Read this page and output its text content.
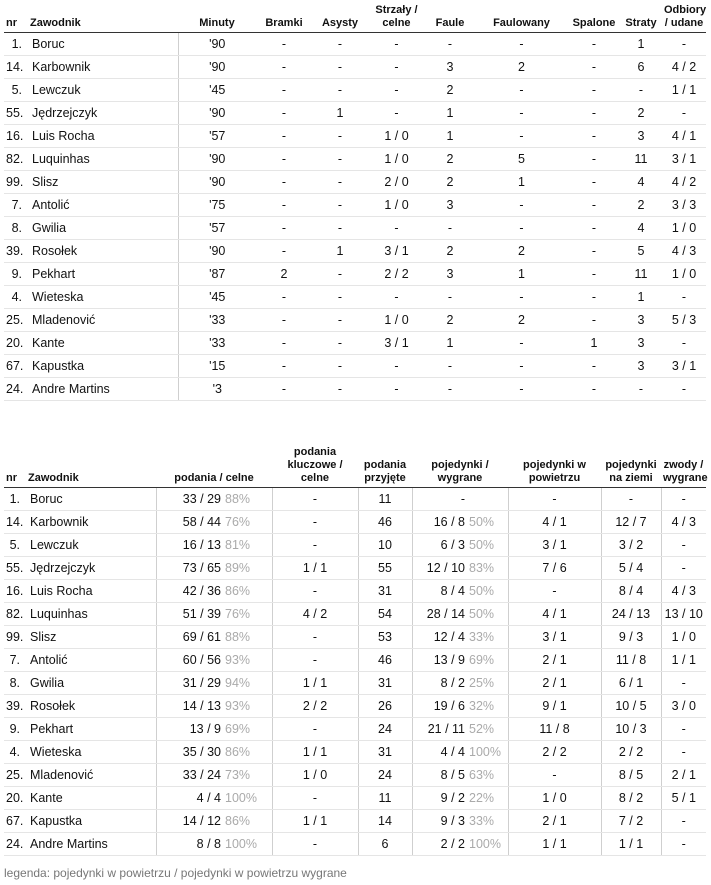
nr	Zawodnik	Minuty	Bramki	Asysty	Strzały / celne	Faule	Faulowany	Spalone	Straty	Odbiory / udane
1.	Boruc	'90	-	-	-	-	-	-	1	-
14.	Karbownik	'90	-	-	-	3	2	-	6	4 / 2
5.	Lewczuk	'45	-	-	-	2	-	-	-	1 / 1
55.	Jędrzejczyk	'90	-	1	-	1	-	-	2	-
16.	Luis Rocha	'57	-	-	1 / 0	1	-	-	3	4 / 1
82.	Luquinhas	'90	-	-	1 / 0	2	5	-	11	3 / 1
99.	Slisz	'90	-	-	2 / 0	2	1	-	4	4 / 2
7.	Antolić	'75	-	-	1 / 0	3	-	-	2	3 / 3
8.	Gwilia	'57	-	-	-	-	-	-	4	1 / 0
39.	Rosołek	'90	-	1	3 / 1	2	2	-	5	4 / 3
9.	Pekhart	'87	2	-	2 / 2	3	1	-	11	1 / 0
4.	Wieteska	'45	-	-	-	-	-	-	1	-
25.	Mladenović	'33	-	-	1 / 0	2	2	-	3	5 / 3
20.	Kante	'33	-	-	3 / 1	1	-	1	3	-
67.	Kapustka	'15	-	-	-	-	-	-	3	3 / 1
24.	Andre Martins	'3	-	-	-	-	-	-	-	-
nr	Zawodnik	podania / celne	podania kluczowe / celne	podania przyjęte	pojedynki / wygrane	pojedynki w powietrzu	pojedynki na ziemi	zwody / wygrane
1.	Boruc	33 / 29 88%	-	11	-	-	-	-
14.	Karbownik	58 / 44 76%	-	46	16 / 8 50%	4 / 1	12 / 7	4 / 3
5.	Lewczuk	16 / 13 81%	-	10	6 / 3 50%	3 / 1	3 / 2	-
55.	Jędrzejczyk	73 / 65 89%	1 / 1	55	12 / 10 83%	7 / 6	5 / 4	-
16.	Luis Rocha	42 / 36 86%	-	31	8 / 4 50%	-	8 / 4	4 / 3
82.	Luquinhas	51 / 39 76%	4 / 2	54	28 / 14 50%	4 / 1	24 / 13	13 / 10
99.	Slisz	69 / 61 88%	-	53	12 / 4 33%	3 / 1	9 / 3	1 / 0
7.	Antolić	60 / 56 93%	-	46	13 / 9 69%	2 / 1	11 / 8	1 / 1
8.	Gwilia	31 / 29 94%	1 / 1	31	8 / 2 25%	2 / 1	6 / 1	-
39.	Rosołek	14 / 13 93%	2 / 2	26	19 / 6 32%	9 / 1	10 / 5	3 / 0
9.	Pekhart	13 / 9 69%	-	24	21 / 11 52%	11 / 8	10 / 3	-
4.	Wieteska	35 / 30 86%	1 / 1	31	4 / 4 100%	2 / 2	2 / 2	-
25.	Mladenović	33 / 24 73%	1 / 0	24	8 / 5 63%	-	8 / 5	2 / 1
20.	Kante	4 / 4 100%	-	11	9 / 2 22%	1 / 0	8 / 2	5 / 1
67.	Kapustka	14 / 12 86%	1 / 1	14	9 / 3 33%	2 / 1	7 / 2	-
24.	Andre Martins	8 / 8 100%	-	6	2 / 2 100%	1 / 1	1 / 1	-
legenda: pojedynki w powietrzu / pojedynki w powietrzu wygrane
